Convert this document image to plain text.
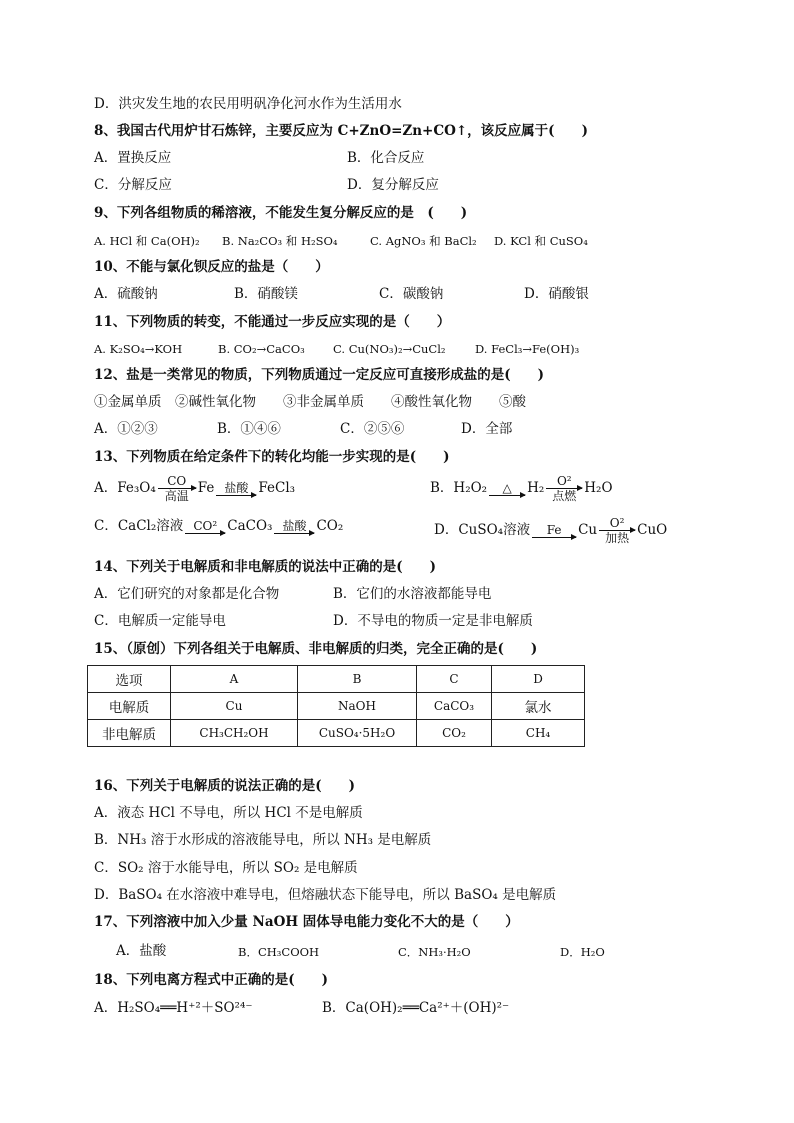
D．洪灾发生地的农民用明矾净化河水作为生活用水
8、我国古代用炉甘石炼锌，主要反应为 C+ZnO=Zn+CO↑，该反应属于(　　)
A．置换反应	B．化合反应
C．分解反应	D．复分解反应
9、下列各组物质的稀溶液，不能发生复分解反应的是　(　　)
A. HCl 和 Ca(OH)₂ B. Na₂CO₃ 和 H₂SO₄	C. AgNO₃ 和 BaCl₂ D. KCl 和 CuSO₄
10、不能与氯化钡反应的盐是（　　）
A．硫酸钠	B．硝酸镁	C．碳酸钠	D．硝酸银
11、下列物质的转变，不能通过一步反应实现的是（　　）
A. K₂SO₄→KOH	B. CO₂→CaCO₃ C. Cu(NO₃)₂→CuCl₂	D. FeCl₃→Fe(OH)₃
12、盐是一类常见的物质，下列物质通过一定反应可直接形成盐的是(　　)
①金属单质　②碱性氧化物　　③非金属单质　　④酸性氧化物　　⑤酸
A．①②③	B．①④⑥	C．②⑤⑥	D．全部
13、下列物质在给定条件下的转化均能一步实现的是(　　)
A．Fe₃O₄ CO
高温 Fe 盐酸 FeCl₃	B．H₂O₂	△	H₂	O²
点燃 H₂O
C．CaCl₂溶液 CO² CaCO₃ 盐酸 CO₂	D．CuSO₄溶液	Fe	Cu	O²
加热 CuO
14、下列关于电解质和非电解质的说法中正确的是(　　)
A．它们研究的对象都是化合物	B．它们的水溶液都能导电
C．电解质一定能导电	D．不导电的物质一定是非电解质
15、（原创）下列各组关于电解质、非电解质的归类，完全正确的是(　　)
选项	A	B	C	D
电解质	Cu	NaOH	CaCO₃	氯水
非电解质	CH₃CH₂OH	CuSO₄·5H₂O	CO₂	CH₄
16、下列关于电解质的说法正确的是(　　)
A．液态 HCl 不导电，所以 HCl 不是电解质
B．NH₃ 溶于水形成的溶液能导电，所以 NH₃ 是电解质
C．SO₂ 溶于水能导电，所以 SO₂ 是电解质
D．BaSO₄ 在水溶液中难导电，但熔融状态下能导电，所以 BaSO₄ 是电解质
17、下列溶液中加入少量 NaOH 固体导电能力变化不大的是（　　）
A．盐酸	B．CH₃COOH	C．NH₃·H₂O	D．H₂O
18、下列电离方程式中正确的是(　　)
A．H₂SO₄══H⁺²＋SO²⁴⁻	B．Ca(OH)₂══Ca²⁺＋(OH)²⁻
